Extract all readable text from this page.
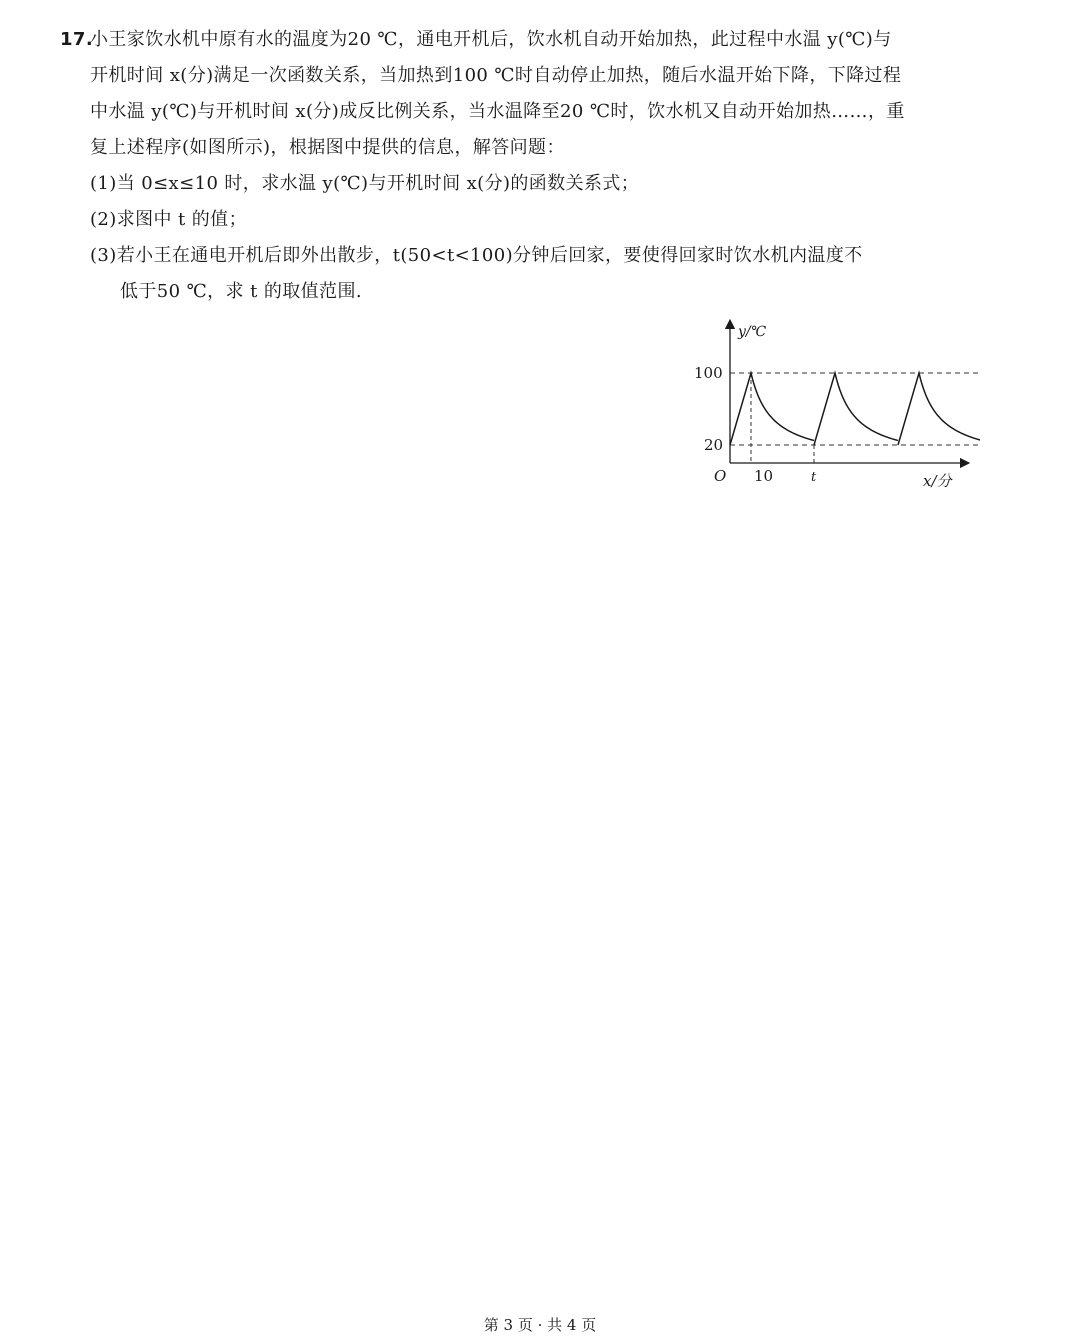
17.
小王家饮水机中原有水的温度为20 ℃，通电开机后，饮水机自动开始加热，此过程中水温 y(℃)与
开机时间 x(分)满足一次函数关系，当加热到100 ℃时自动停止加热，随后水温开始下降，下降过程
中水温 y(℃)与开机时间 x(分)成反比例关系，当水温降至20 ℃时，饮水机又自动开始加热……，重
复上述程序(如图所示)，根据图中提供的信息，解答问题：
(1)当 0≤x≤10 时，求水温 y(℃)与开机时间 x(分)的函数关系式；
(2)求图中 t 的值；
(3)若小王在通电开机后即外出散步，t(50<t<100)分钟后回家，要使得回家时饮水机内温度不
低于50 ℃，求 t 的取值范围.
y/℃
100
20
O 10	t	x/分
第 3 页 · 共 4 页
